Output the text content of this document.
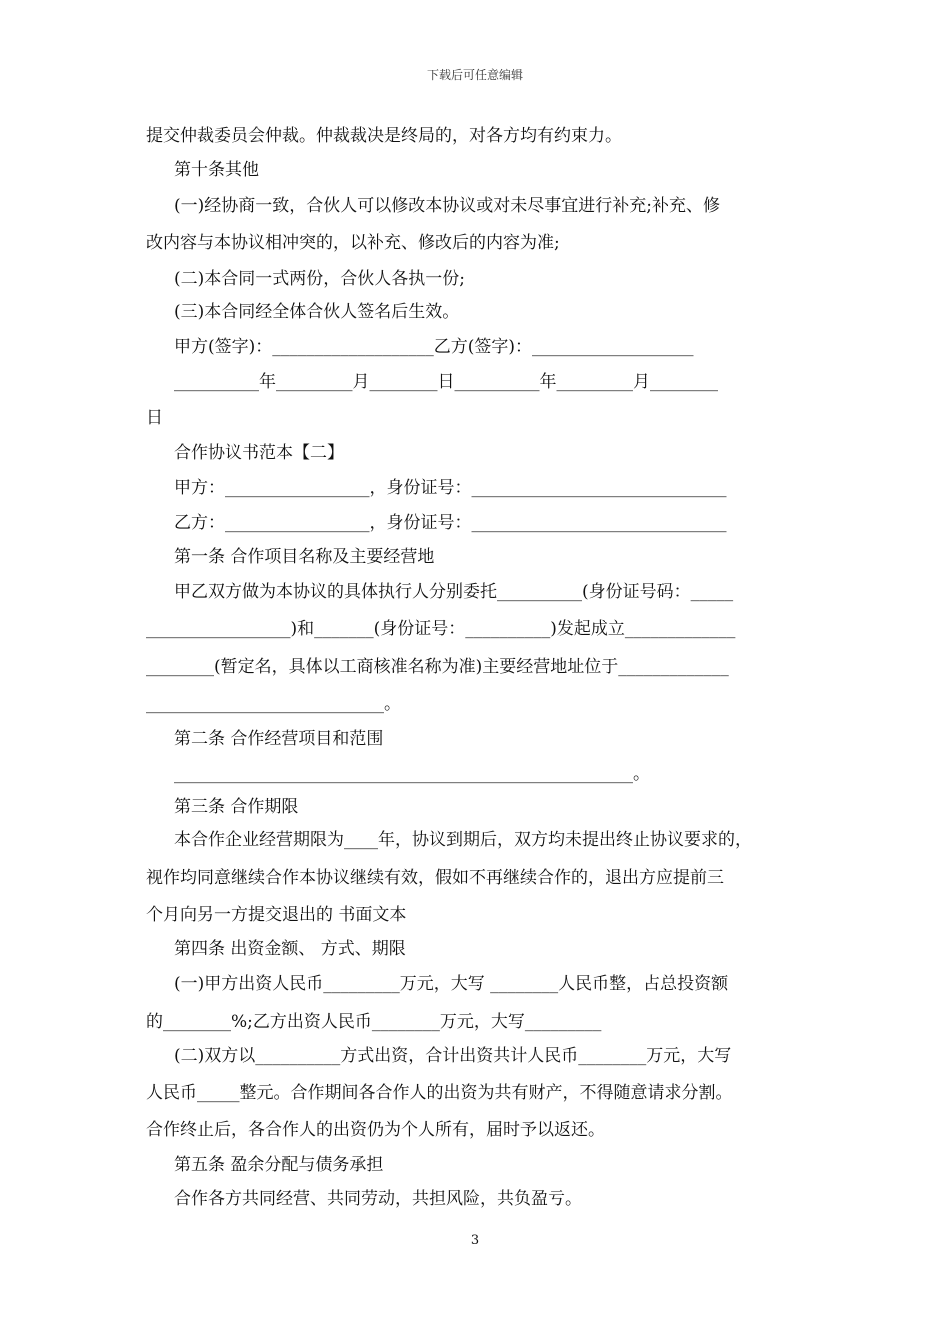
下载后可任意编辑
提交仲裁委员会仲裁。仲裁裁决是终局的，对各方均有约束力。
第十条其他
(一)经协商一致，合伙人可以修改本协议或对未尽事宜进行补充;补充、修
改内容与本协议相冲突的，以补充、修改后的内容为准;
(二)本合同一式两份，合伙人各执一份;
(三)本合同经全体合伙人签名后生效。
甲方(签字)：___________________乙方(签字)：___________________
__________年_________月________日__________年_________月________
日
合作协议书范本【二】
甲方：_________________，身份证号：______________________________
乙方：_________________，身份证号：______________________________
第一条 合作项目名称及主要经营地
甲乙双方做为本协议的具体执行人分别委托__________(身份证号码：_____
_________________)和_______(身份证号：__________)发起成立_____________
________(暂定名，具体以工商核准名称为准)主要经营地址位于_____________
____________________________。
第二条 合作经营项目和范围
______________________________________________________。
第三条 合作期限
本合作企业经营期限为____年，协议到期后，双方均未提出终止协议要求的，
视作均同意继续合作本协议继续有效，假如不再继续合作的，退出方应提前三
个月向另一方提交退出的 书面文本
第四条 出资金额、 方式、期限
(一)甲方出资人民币_________万元，大写 ________人民币整，占总投资额
的________%;乙方出资人民币________万元，大写_________
(二)双方以__________方式出资，合计出资共计人民币________万元，大写
人民币_____整元。合作期间各合作人的出资为共有财产，不得随意请求分割。
合作终止后，各合作人的出资仍为个人所有，届时予以返还。
第五条 盈余分配与债务承担
合作各方共同经营、共同劳动，共担风险，共负盈亏。
3
